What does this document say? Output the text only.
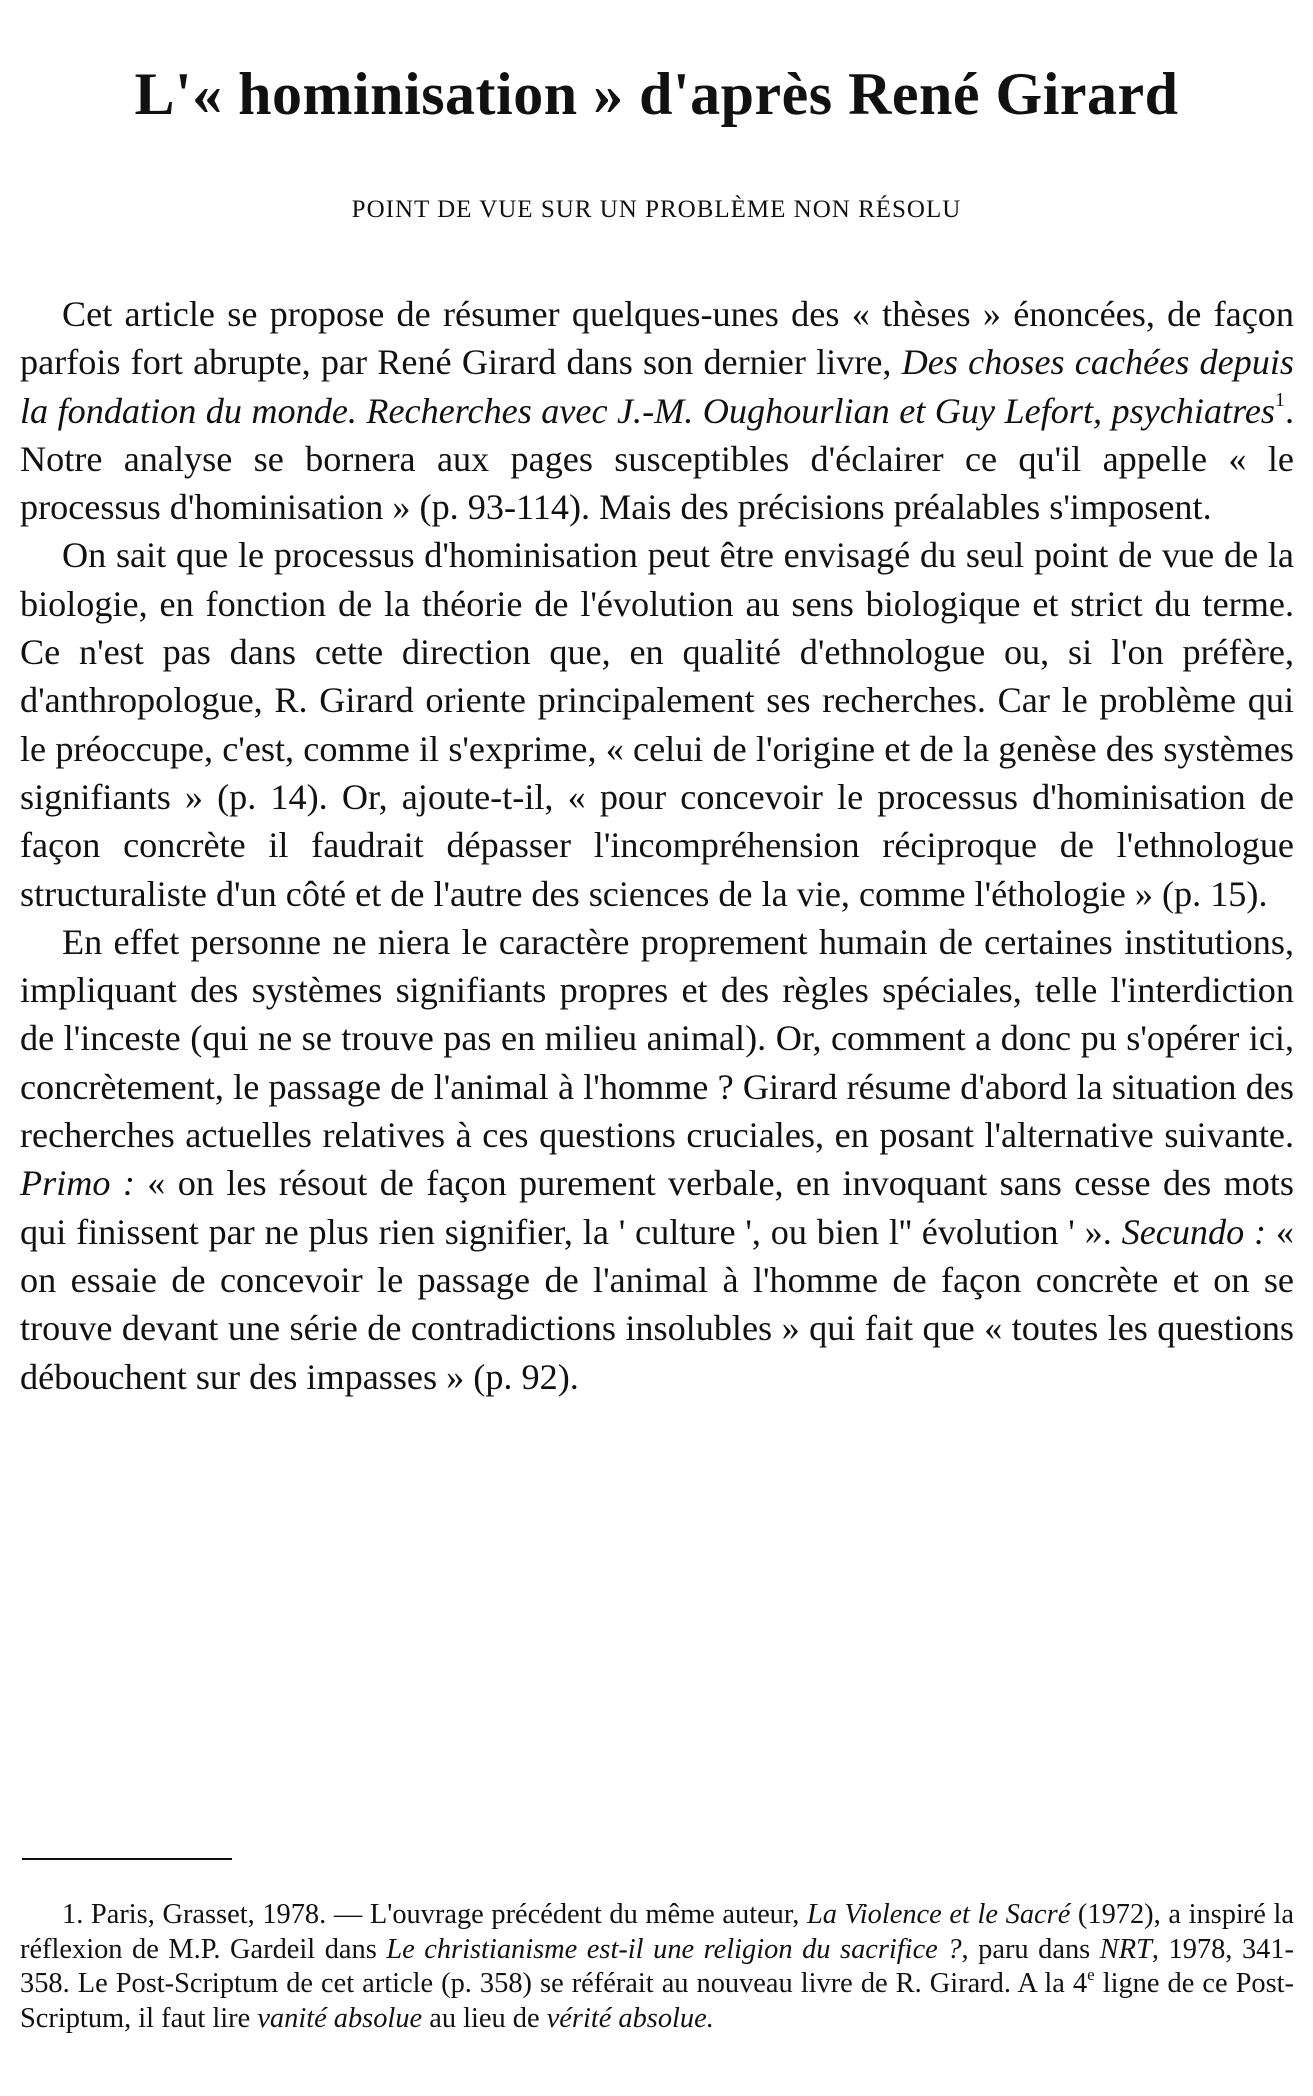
L'« hominisation » d'après René Girard
POINT DE VUE SUR UN PROBLÈME NON RÉSOLU

Cet article se propose de résumer quelques-unes des « thèses » énoncées, de façon parfois fort abrupte, par René Girard dans son dernier livre, Des choses cachées depuis la fondation du monde. Recherches avec J.-M. Oughourlian et Guy Lefort, psychiatres$^1$. Notre analyse se bornera aux pages susceptibles d'éclairer ce qu'il appelle « le processus d'hominisation » (p. 93-114). Mais des précisions préalables s'imposent.

On sait que le processus d'hominisation peut être envisagé du seul point de vue de la biologie, en fonction de la théorie de l'évolution au sens biologique et strict du terme. Ce n'est pas dans cette direction que, en qualité d'ethnologue ou, si l'on préfère, d'anthropologue, R. Girard oriente principalement ses recherches. Car le problème qui le préoccupe, c'est, comme il s'exprime, « celui de l'origine et de la genèse des systèmes signifiants » (p. 14). Or, ajoute-t-il, « pour concevoir le processus d'hominisation de façon concrète il faudrait dépasser l'incompréhension réciproque de l'ethnologue structuraliste d'un côté et de l'autre des sciences de la vie, comme l'éthologie » (p. 15).

En effet personne ne niera le caractère proprement humain de certaines institutions, impliquant des systèmes signifiants propres et des règles spéciales, telle l'interdiction de l'inceste (qui ne se trouve pas en milieu animal). Or, comment a donc pu s'opérer ici, concrètement, le passage de l'animal à l'homme ? Girard résume d'abord la situation des recherches actuelles relatives à ces questions cruciales, en posant l'alternative suivante. Primo : « on les résout de façon purement verbale, en invoquant sans cesse des mots qui finissent par ne plus rien signifier, la ' culture ', ou bien l'' évolution ' ». Secundo : « on essaie de concevoir le passage de l'animal à l'homme de façon concrète et on se trouve devant une série de contradictions insolubles » qui fait que « toutes les questions débouchent sur des impasses » (p. 92).

1. Paris, Grasset, 1978. — L'ouvrage précédent du même auteur, La Violence et le Sacré (1972), a inspiré la réflexion de M.P. Gardeil dans Le christianisme est-il une religion du sacrifice ?, paru dans NRT, 1978, 341-358. Le Post-Scriptum de cet article (p. 358) se référait au nouveau livre de R. Girard. A la 4e ligne de ce Post-Scriptum, il faut lire vanité absolue au lieu de vérité absolue.
